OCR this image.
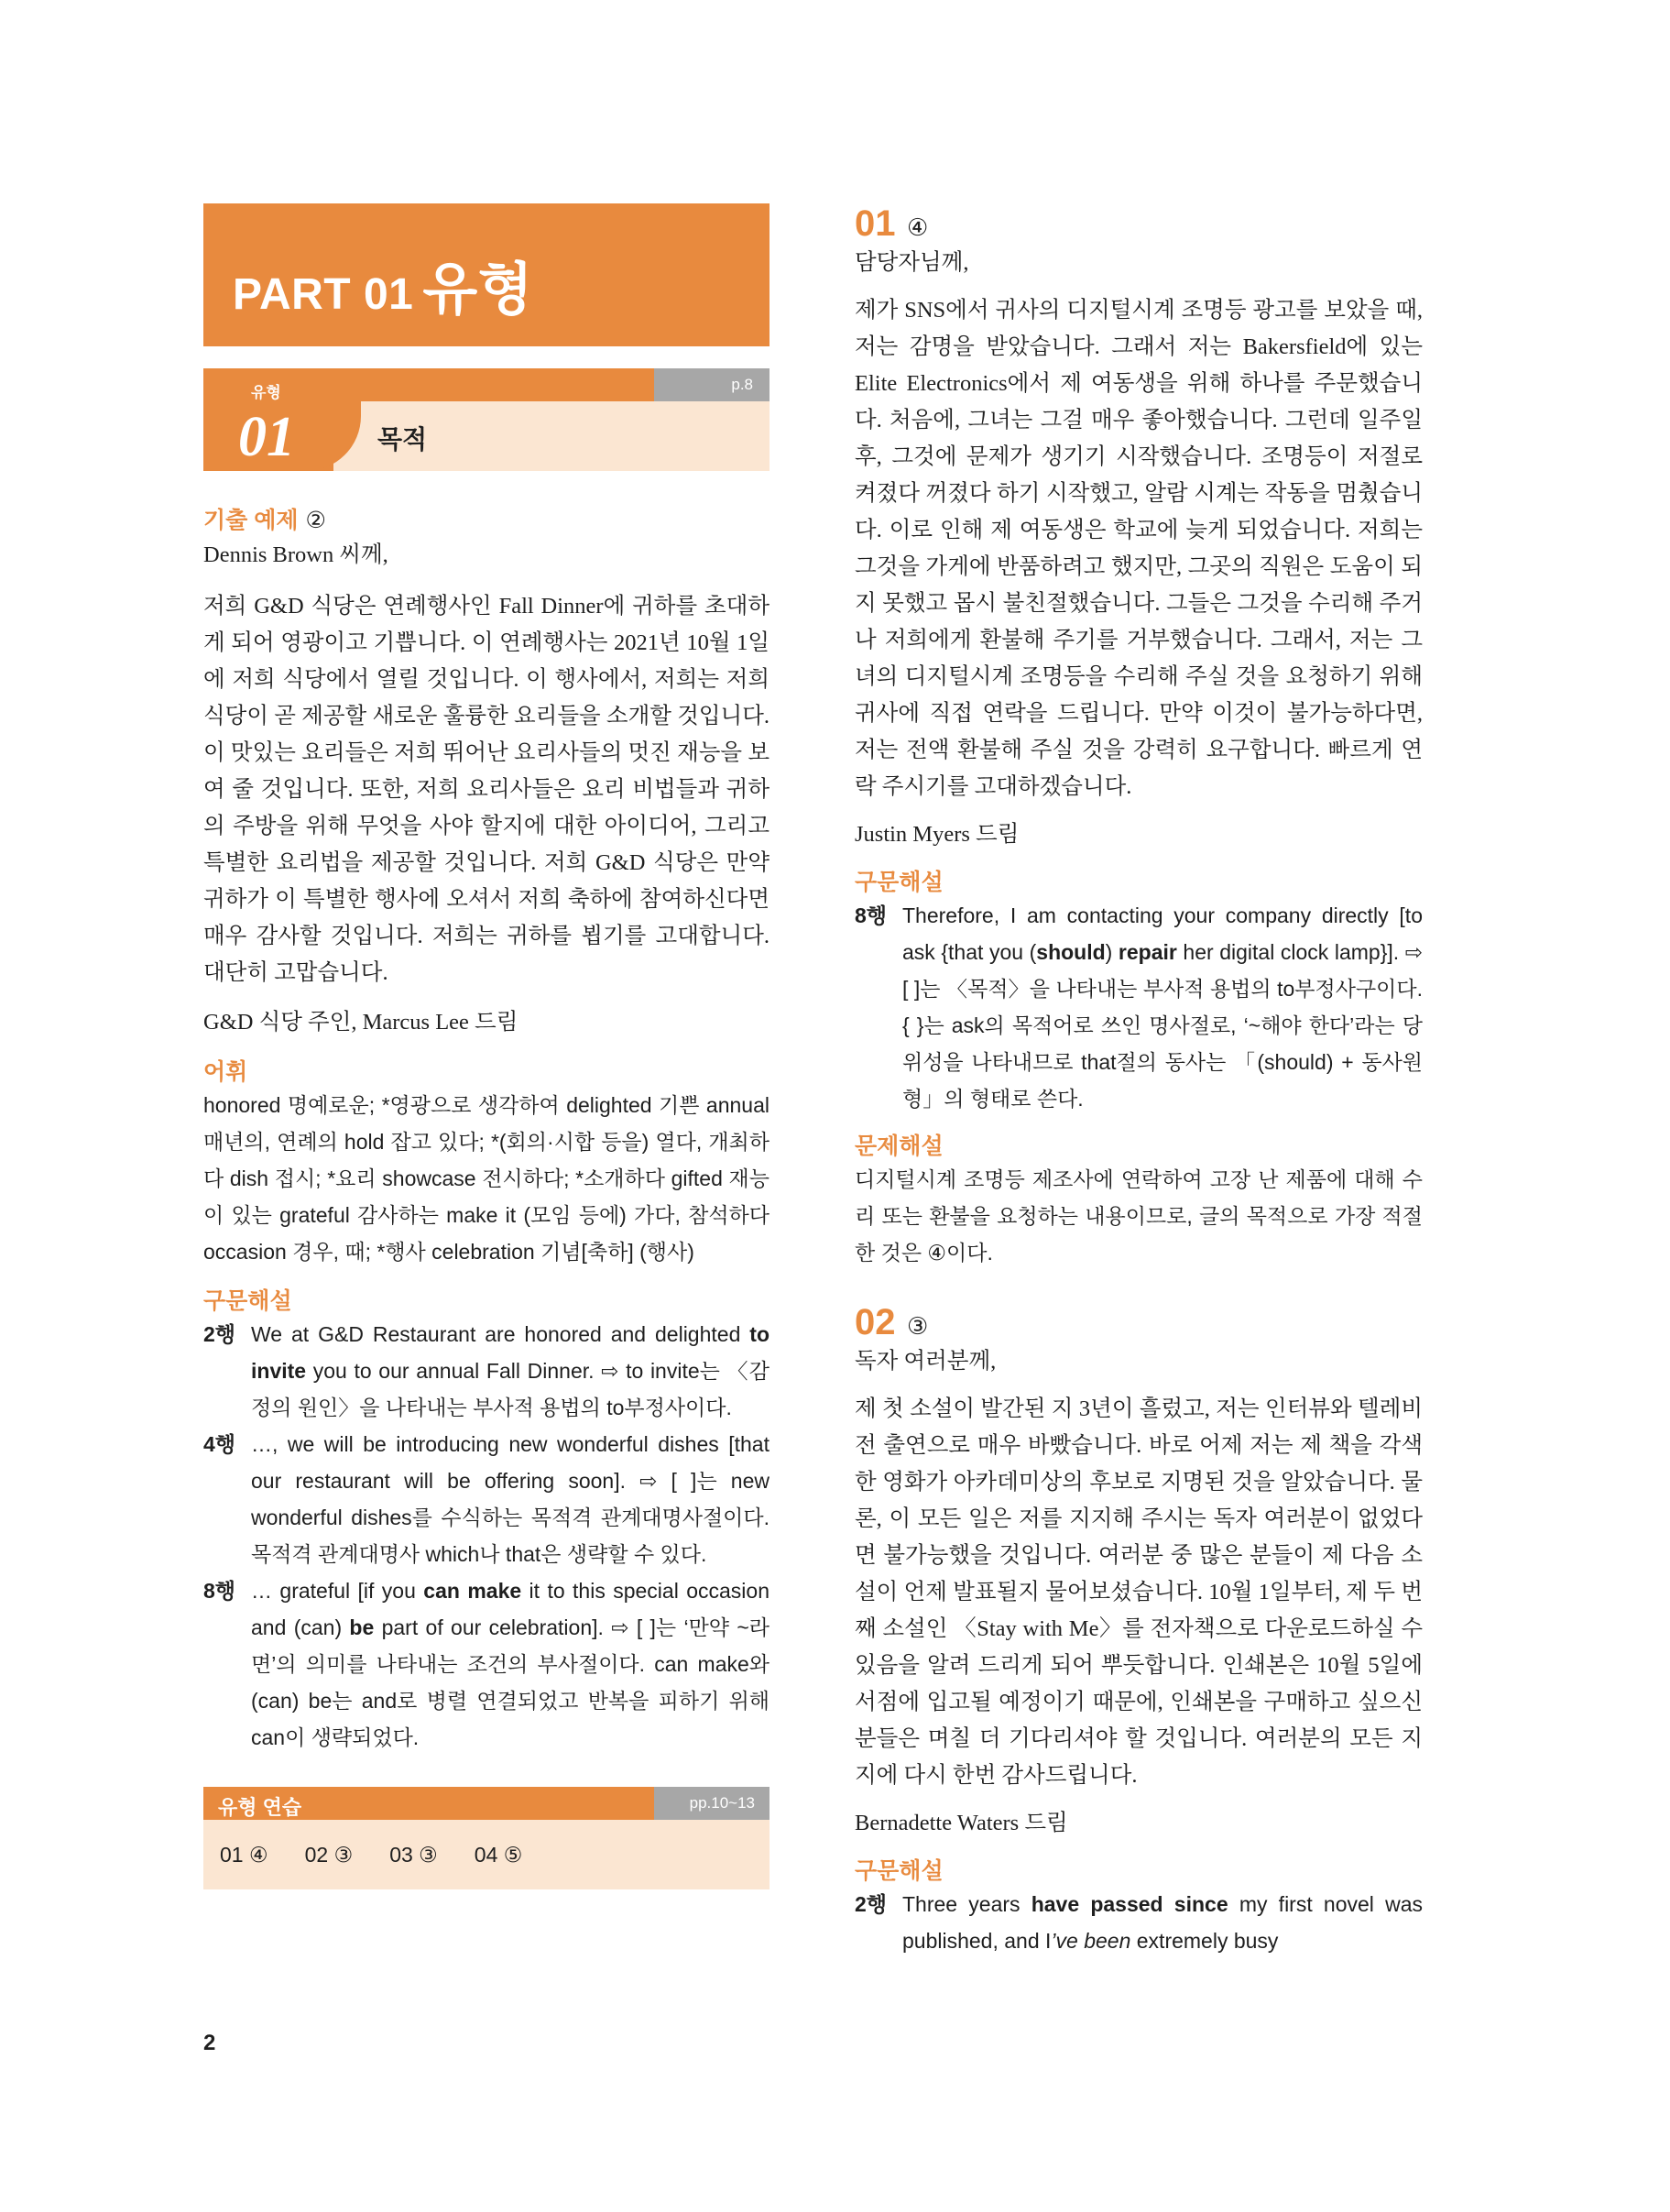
PART 01 유형
p.8
유형
01	목적
기출 예제 ②

Dennis Brown 씨께,

저희 G&D 식당은 연례행사인 Fall Dinner에 귀하를 초대하게 되어 영광이고 기쁩니다. 이 연례행사는 2021년 10월 1일에 저희 식당에서 열릴 것입니다. 이 행사에서, 저희는 저희 식당이 곧 제공할 새로운 훌륭한 요리들을 소개할 것입니다. 이 맛있는 요리들은 저희 뛰어난 요리사들의 멋진 재능을 보여 줄 것입니다. 또한, 저희 요리사들은 요리 비법들과 귀하의 주방을 위해 무엇을 사야 할지에 대한 아이디어, 그리고 특별한 요리법을 제공할 것입니다. 저희 G&D 식당은 만약 귀하가 이 특별한 행사에 오셔서 저희 축하에 참여하신다면 매우 감사할 것입니다. 저희는 귀하를 뵙기를 고대합니다. 대단히 고맙습니다.

G&D 식당 주인, Marcus Lee 드림

어휘

honored 명예로운; *영광으로 생각하여 delighted 기쁜 annual 매년의, 연례의 hold 잡고 있다; *(회의·시합 등을) 열다, 개최하다 dish 접시; *요리 showcase 전시하다; *소개하다 gifted 재능이 있는 grateful 감사하는 make it (모임 등에) 가다, 참석하다 occasion 경우, 때; *행사 celebration 기념[축하] (행사)

구문해설
2행 We at G&D Restaurant are honored and delighted to invite you to our annual Fall Dinner. ⇨ to invite는 〈감정의 원인〉을 나타내는 부사적 용법의 to부정사이다.
4행 …, we will be introducing new wonderful dishes [that our restaurant will be offering soon]. ⇨ [ ]는 new wonderful dishes를 수식하는 목적격 관계대명사절이다. 목적격 관계대명사 which나 that은 생략할 수 있다.
8행 … grateful [if you can make it to this special occasion and (can) be part of our celebration]. ⇨ [ ]는 ‘만약 ~라면’의 의미를 나타내는 조건의 부사절이다. can make와 (can) be는 and로 병렬 연결되었고 반복을 피하기 위해 can이 생략되었다.
유형 연습	pp.10~13
01 ④ 02 ③ 03 ③ 04 ⑤
01 ④

담당자님께,

제가 SNS에서 귀사의 디지털시계 조명등 광고를 보았을 때, 저는 감명을 받았습니다. 그래서 저는 Bakersfield에 있는 Elite Electronics에서 제 여동생을 위해 하나를 주문했습니다. 처음에, 그녀는 그걸 매우 좋아했습니다. 그런데 일주일 후, 그것에 문제가 생기기 시작했습니다. 조명등이 저절로 켜졌다 꺼졌다 하기 시작했고, 알람 시계는 작동을 멈췄습니다. 이로 인해 제 여동생은 학교에 늦게 되었습니다. 저희는 그것을 가게에 반품하려고 했지만, 그곳의 직원은 도움이 되지 못했고 몹시 불친절했습니다. 그들은 그것을 수리해 주거나 저희에게 환불해 주기를 거부했습니다. 그래서, 저는 그녀의 디지털시계 조명등을 수리해 주실 것을 요청하기 위해 귀사에 직접 연락을 드립니다. 만약 이것이 불가능하다면, 저는 전액 환불해 주실 것을 강력히 요구합니다. 빠르게 연락 주시기를 고대하겠습니다.

Justin Myers 드림

구문해설
8행 Therefore, I am contacting your company directly [to ask {that you (should) repair her digital clock lamp}]. ⇨ [ ]는 〈목적〉을 나타내는 부사적 용법의 to부정사구이다. { }는 ask의 목적어로 쓰인 명사절로, ‘~해야 한다’라는 당위성을 나타내므로 that절의 동사는 「(should) + 동사원형」의 형태로 쓴다.
문제해설

디지털시계 조명등 제조사에 연락하여 고장 난 제품에 대해 수리 또는 환불을 요청하는 내용이므로, 글의 목적으로 가장 적절한 것은 ④이다.

02 ③

독자 여러분께,

제 첫 소설이 발간된 지 3년이 흘렀고, 저는 인터뷰와 텔레비전 출연으로 매우 바빴습니다. 바로 어제 저는 제 책을 각색한 영화가 아카데미상의 후보로 지명된 것을 알았습니다. 물론, 이 모든 일은 저를 지지해 주시는 독자 여러분이 없었다면 불가능했을 것입니다. 여러분 중 많은 분들이 제 다음 소설이 언제 발표될지 물어보셨습니다. 10월 1일부터, 제 두 번째 소설인 〈Stay with Me〉를 전자책으로 다운로드하실 수 있음을 알려 드리게 되어 뿌듯합니다. 인쇄본은 10월 5일에 서점에 입고될 예정이기 때문에, 인쇄본을 구매하고 싶으신 분들은 며칠 더 기다리셔야 할 것입니다. 여러분의 모든 지지에 다시 한번 감사드립니다.

Bernadette Waters 드림

구문해설
2행 Three years have passed since my first novel was published, and I’ve been extremely busy
2
